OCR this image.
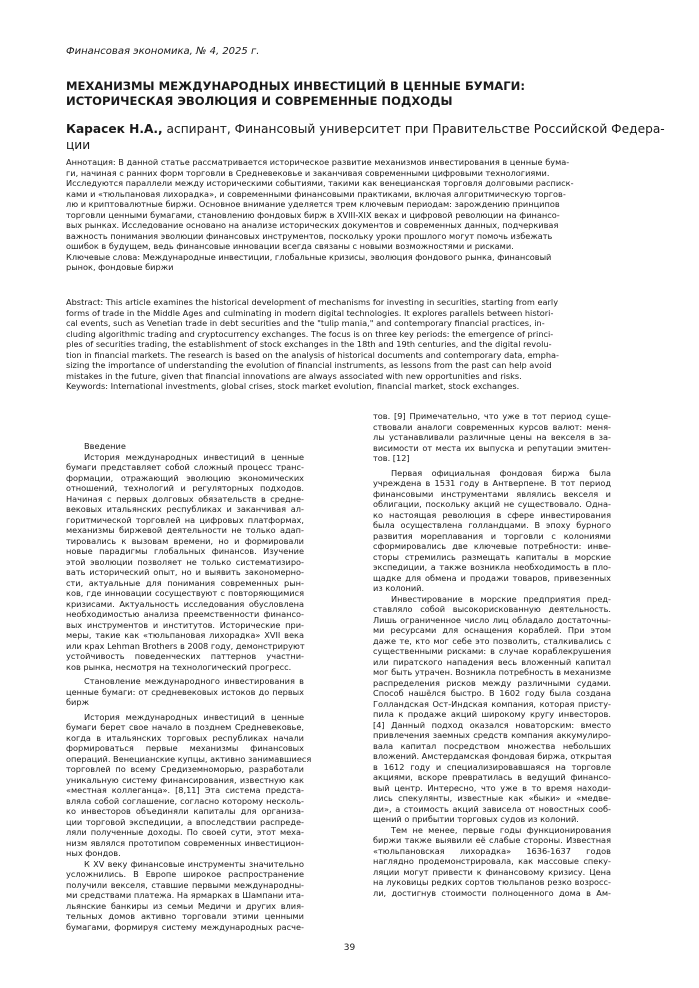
Финансовая экономика, № 4, 2025 г.
МЕХАНИЗМЫ МЕЖДУНАРОДНЫХ ИНВЕСТИЦИЙ В ЦЕННЫЕ БУМАГИ:
ИСТОРИЧЕСКАЯ ЭВОЛЮЦИЯ И СОВРЕМЕННЫЕ ПОДХОДЫ
Карасек Н.А., аспирант, Финансовый университет при Правительстве Российской Федера-
ции
Аннотация: В данной статье рассматривается историческое развитие механизмов инвестирования в ценные бума-
ги, начиная с ранних форм торговли в Средневековье и заканчивая современными цифровыми технологиями.
Исследуются параллели между историческими событиями, такими как венецианская торговля долговыми расписк-
ками и «тюльпановая лихорадка», и современными финансовыми практиками, включая алгоритмическую торгов-
лю и криптовалютные биржи. Основное внимание уделяется трем ключевым периодам: зарождению принципов
торговли ценными бумагами, становлению фондовых бирж в XVIII-XIX веках и цифровой революции на финансо-
вых рынках. Исследование основано на анализе исторических документов и современных данных, подчеркивая
важность понимания эволюции финансовых инструментов, поскольку уроки прошлого могут помочь избежать
ошибок в будущем, ведь финансовые инновации всегда связаны с новыми возможностями и рисками.
Ключевые слова: Международные инвестиции, глобальные кризисы, эволюция фондового рынка, финансовый
рынок, фондовые биржи
Abstract: This article examines the historical development of mechanisms for investing in securities, starting from early
forms of trade in the Middle Ages and culminating in modern digital technologies. It explores parallels between histori-
cal events, such as Venetian trade in debt securities and the "tulip mania," and contemporary financial practices, in-
cluding algorithmic trading and cryptocurrency exchanges. The focus is on three key periods: the emergence of princi-
ples of securities trading, the establishment of stock exchanges in the 18th and 19th centuries, and the digital revolu-
tion in financial markets. The research is based on the analysis of historical documents and contemporary data, empha-
sizing the importance of understanding the evolution of financial instruments, as lessons from the past can help avoid
mistakes in the future, given that financial innovations are always associated with new opportunities and risks.
Keywords: International investments, global crises, stock market evolution, financial market, stock exchanges.
Введение
История международных инвестиций в ценные
бумаги представляет собой сложный процесс транс-
формации, отражающий эволюцию экономических
отношений, технологий и регуляторных подходов.
Начиная с первых долговых обязательств в средне-
вековых итальянских республиках и заканчивая ал-
горитмической торговлей на цифровых платформах,
механизмы биржевой деятельности не только адап-
тировались к вызовам времени, но и формировали
новые парадигмы глобальных финансов. Изучение
этой эволюции позволяет не только систематизиро-
вать исторический опыт, но и выявить закономерно-
сти, актуальные для понимания современных рын-
ков, где инновации сосуществуют с повторяющимися
кризисами. Актуальность исследования обусловлена
необходимостью анализа преемственности финансо-
вых инструментов и институтов. Исторические при-
меры, такие как «тюльпановая лихорадка» XVII века
или крах Lehman Brothers в 2008 году, демонстрируют
устойчивость поведенческих паттернов участни-
ков рынка, несмотря на технологический прогресс.
Становление международного инвестирования в
ценные бумаги: от средневековых истоков до первых
бирж
История международных инвестиций в ценные
бумаги берет свое начало в позднем Средневековье,
когда в итальянских торговых республиках начали
формироваться первые механизмы финансовых
операций. Венецианские купцы, активно занимавшиеся
торговлей по всему Средиземноморью, разработали
уникальную систему финансирования, известную как
«местная коллеганца». [8,11] Эта система предста-
вляла собой соглашение, согласно которому несколь-
ко инвесторов объединяли капиталы для организа-
ции торговой экспедиции, а впоследствии распреде-
ляли полученные доходы. По своей сути, этот меха-
низм являлся прототипом современных инвестицион-
ных фондов.
К XV веку финансовые инструменты значительно
усложнились. В Европе широкое распространение
получили векселя, ставшие первыми международны-
ми средствами платежа. На ярмарках в Шампани ита-
льянские банкиры из семьи Медичи и других влия-
тельных домов активно торговали этими ценными
бумагами, формируя систему международных расче-
тов. [9] Примечательно, что уже в тот период суще-
ствовали аналоги современных курсов валют: меня-
лы устанавливали различные цены на векселя в за-
висимости от места их выпуска и репутации эмитен-
тов. [12]
Первая официальная фондовая биржа была
учреждена в 1531 году в Антверпене. В тот период
финансовыми инструментами являлись векселя и
облигации, поскольку акций не существовало. Одна-
ко настоящая революция в сфере инвестирования
была осуществлена голландцами. В эпоху бурного
развития мореплавания и торговли с колониями
сформировались две ключевые потребности: инве-
сторы стремились размещать капиталы в морские
экспедиции, а также возникла необходимость в пло-
щадке для обмена и продажи товаров, привезенных
из колоний.
Инвестирование в морские предприятия пред-
ставляло собой высокорискованную деятельность.
Лишь ограниченное число лиц обладало достаточны-
ми ресурсами для оснащения кораблей. При этом
даже те, кто мог себе это позволить, сталкивались с
существенными рисками: в случае кораблекрушения
или пиратского нападения весь вложенный капитал
мог быть утрачен. Возникла потребность в механизме
распределения рисков между различными судами.
Способ нашёлся быстро. В 1602 году была создана
Голландская Ост-Индская компания, которая присту-
пила к продаже акций широкому кругу инвесторов.
[4] Данный подход оказался новаторским: вместо
привлечения заемных средств компания аккумулиро-
вала капитал посредством множества небольших
вложений. Амстердамская фондовая биржа, открытая
в 1612 году и специализировавшаяся на торговле
акциями, вскоре превратилась в ведущий финансо-
вый центр. Интересно, что уже в то время находи-
лись спекулянты, известные как «быки» и «медве-
ди», а стоимость акций зависела от новостных сооб-
щений о прибытии торговых судов из колоний.
Тем не менее, первые годы функционирования
биржи также выявили её слабые стороны. Известная
«тюльпановская лихорадка» 1636-1637 годов
наглядно продемонстрировала, как массовые спеку-
ляции могут привести к финансовому кризису. Цена
на луковицы редких сортов тюльпанов резко возросс-
ли, достигнув стоимости полноценного дома в Ам-
39
